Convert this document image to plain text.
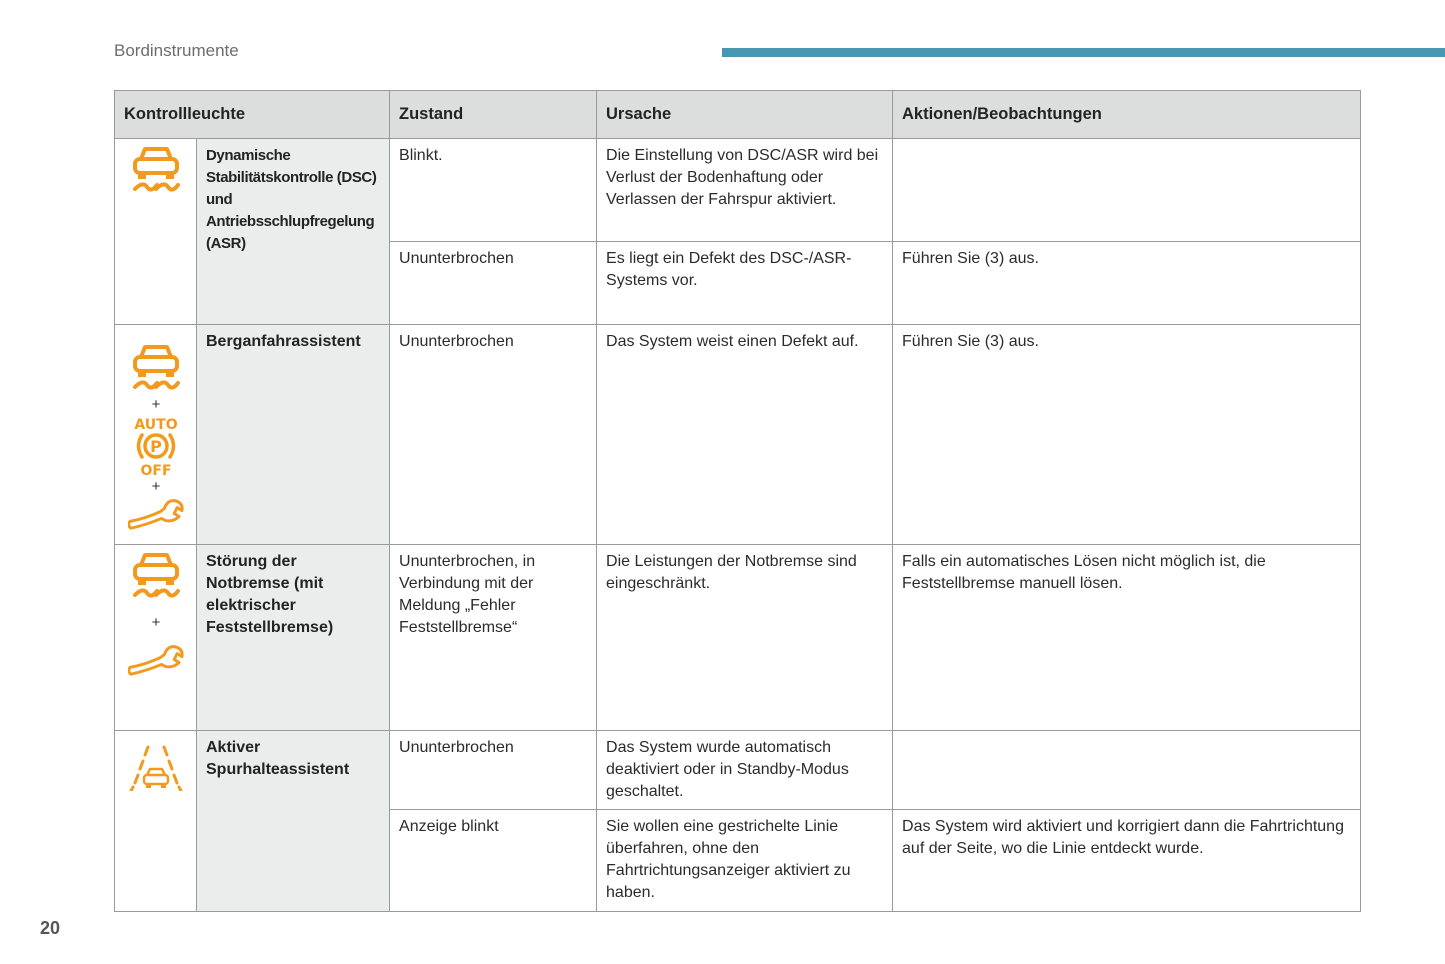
Bordinstrumente
Kontrollleuchte		Zustand	Ursache	Aktionen/Beobachtungen

	Dynamische Stabilitätskontrolle (DSC) und Antriebsschlupfregelung (ASR)	Blinkt.	Die Einstellung von DSC/ASR wird bei Verlust der Bodenhaftung oder Verlassen der Fahrspur aktiviert.	
		Ununterbrochen	Es liegt ein Defekt des DSC-/ASR-Systems vor.	Führen Sie (3) aus.

+
AUTO
P
OFF
+	Berganfahrassistent	Ununterbrochen	Das System weist einen Defekt auf.	Führen Sie (3) aus.

+	Störung der Notbremse (mit elektrischer Feststellbremse)	Ununterbrochen, in Verbindung mit der Meldung „Fehler Feststellbremse“	Die Leistungen der Notbremse sind eingeschränkt.	Falls ein automatisches Lösen nicht möglich ist, die Feststellbremse manuell lösen.

	Aktiver Spurhalteassistent	Ununterbrochen	Das System wurde automatisch deaktiviert oder in Standby-Modus geschaltet.	
		Anzeige blinkt	Sie wollen eine gestrichelte Linie überfahren, ohne den Fahrtrichtungsanzeiger aktiviert zu haben.	Das System wird aktiviert und korrigiert dann die Fahrtrichtung auf der Seite, wo die Linie entdeckt wurde.
20
